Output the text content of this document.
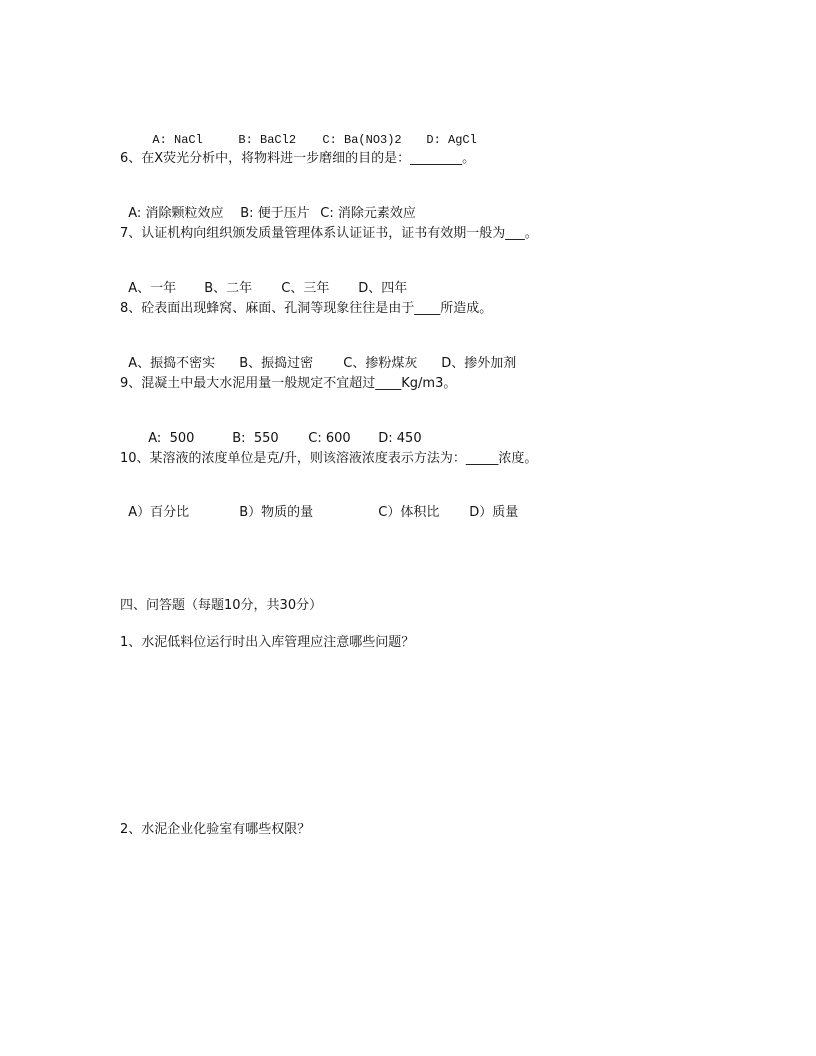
A: NaCl	B: BaCl2 C: Ba(NO3)2 D: AgCl

6、在X荧光分析中，将物料进一步磨细的目的是：________。

A: 消除颗粒效应 B: 便于压片 C: 消除元素效应

7、认证机构向组织颁发质量管理体系认证证书，证书有效期一般为___。

A、一年 B、二年 C、三年 D、四年

8、砼表面出现蜂窝、麻面、孔洞等现象往往是由于____所造成。

A、振捣不密实 B、振捣过密 C、掺粉煤灰 D、掺外加剂

9、混凝土中最大水泥用量一般规定不宜超过____Kg/m3。

A:  500	B:  550 C: 600 D: 450

10、某溶液的浓度单位是克/升，则该溶液浓度表示方法为：_____浓度。

A）百分比	B）物质的量	C）体积比 D）质量

四、问答题（每题10分，共30分）
1、水泥低料位运行时出入库管理应注意哪些问题？
2、水泥企业化验室有哪些权限？
